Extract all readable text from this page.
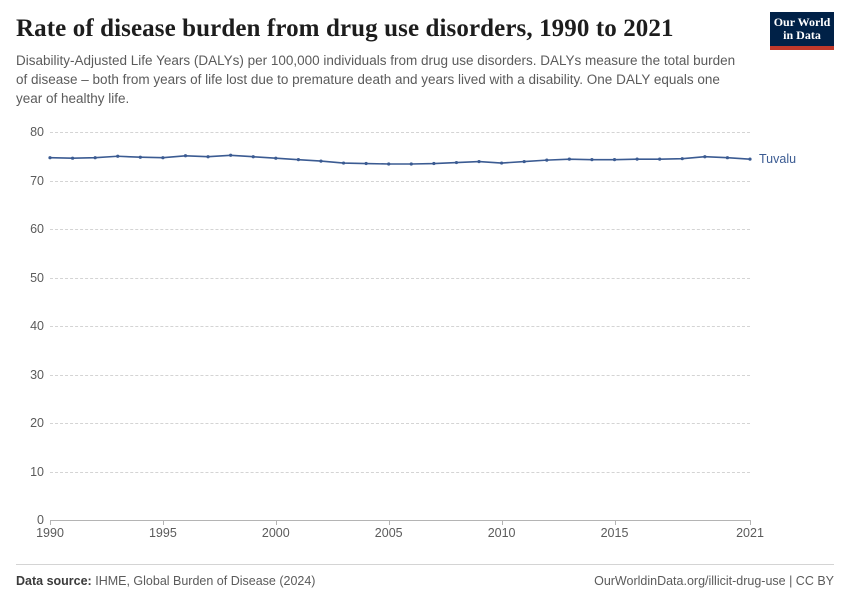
Rate of disease burden from drug use disorders, 1990 to 2021

Disability-Adjusted Life Years (DALYs) per 100,000 individuals from drug use disorders. DALYs measure the total burden of disease – both from years of life lost due to premature death and years lived with a disability. One DALY equals one year of healthy life.

Our World
in Data
0
10
20
30
40
50
60
70
80
1990	1995	2000	2005	2010	2015	2021
Tuvalu
Data source: IHME, Global Burden of Disease (2024)	OurWorldinData.org/illicit-drug-use | CC BY
